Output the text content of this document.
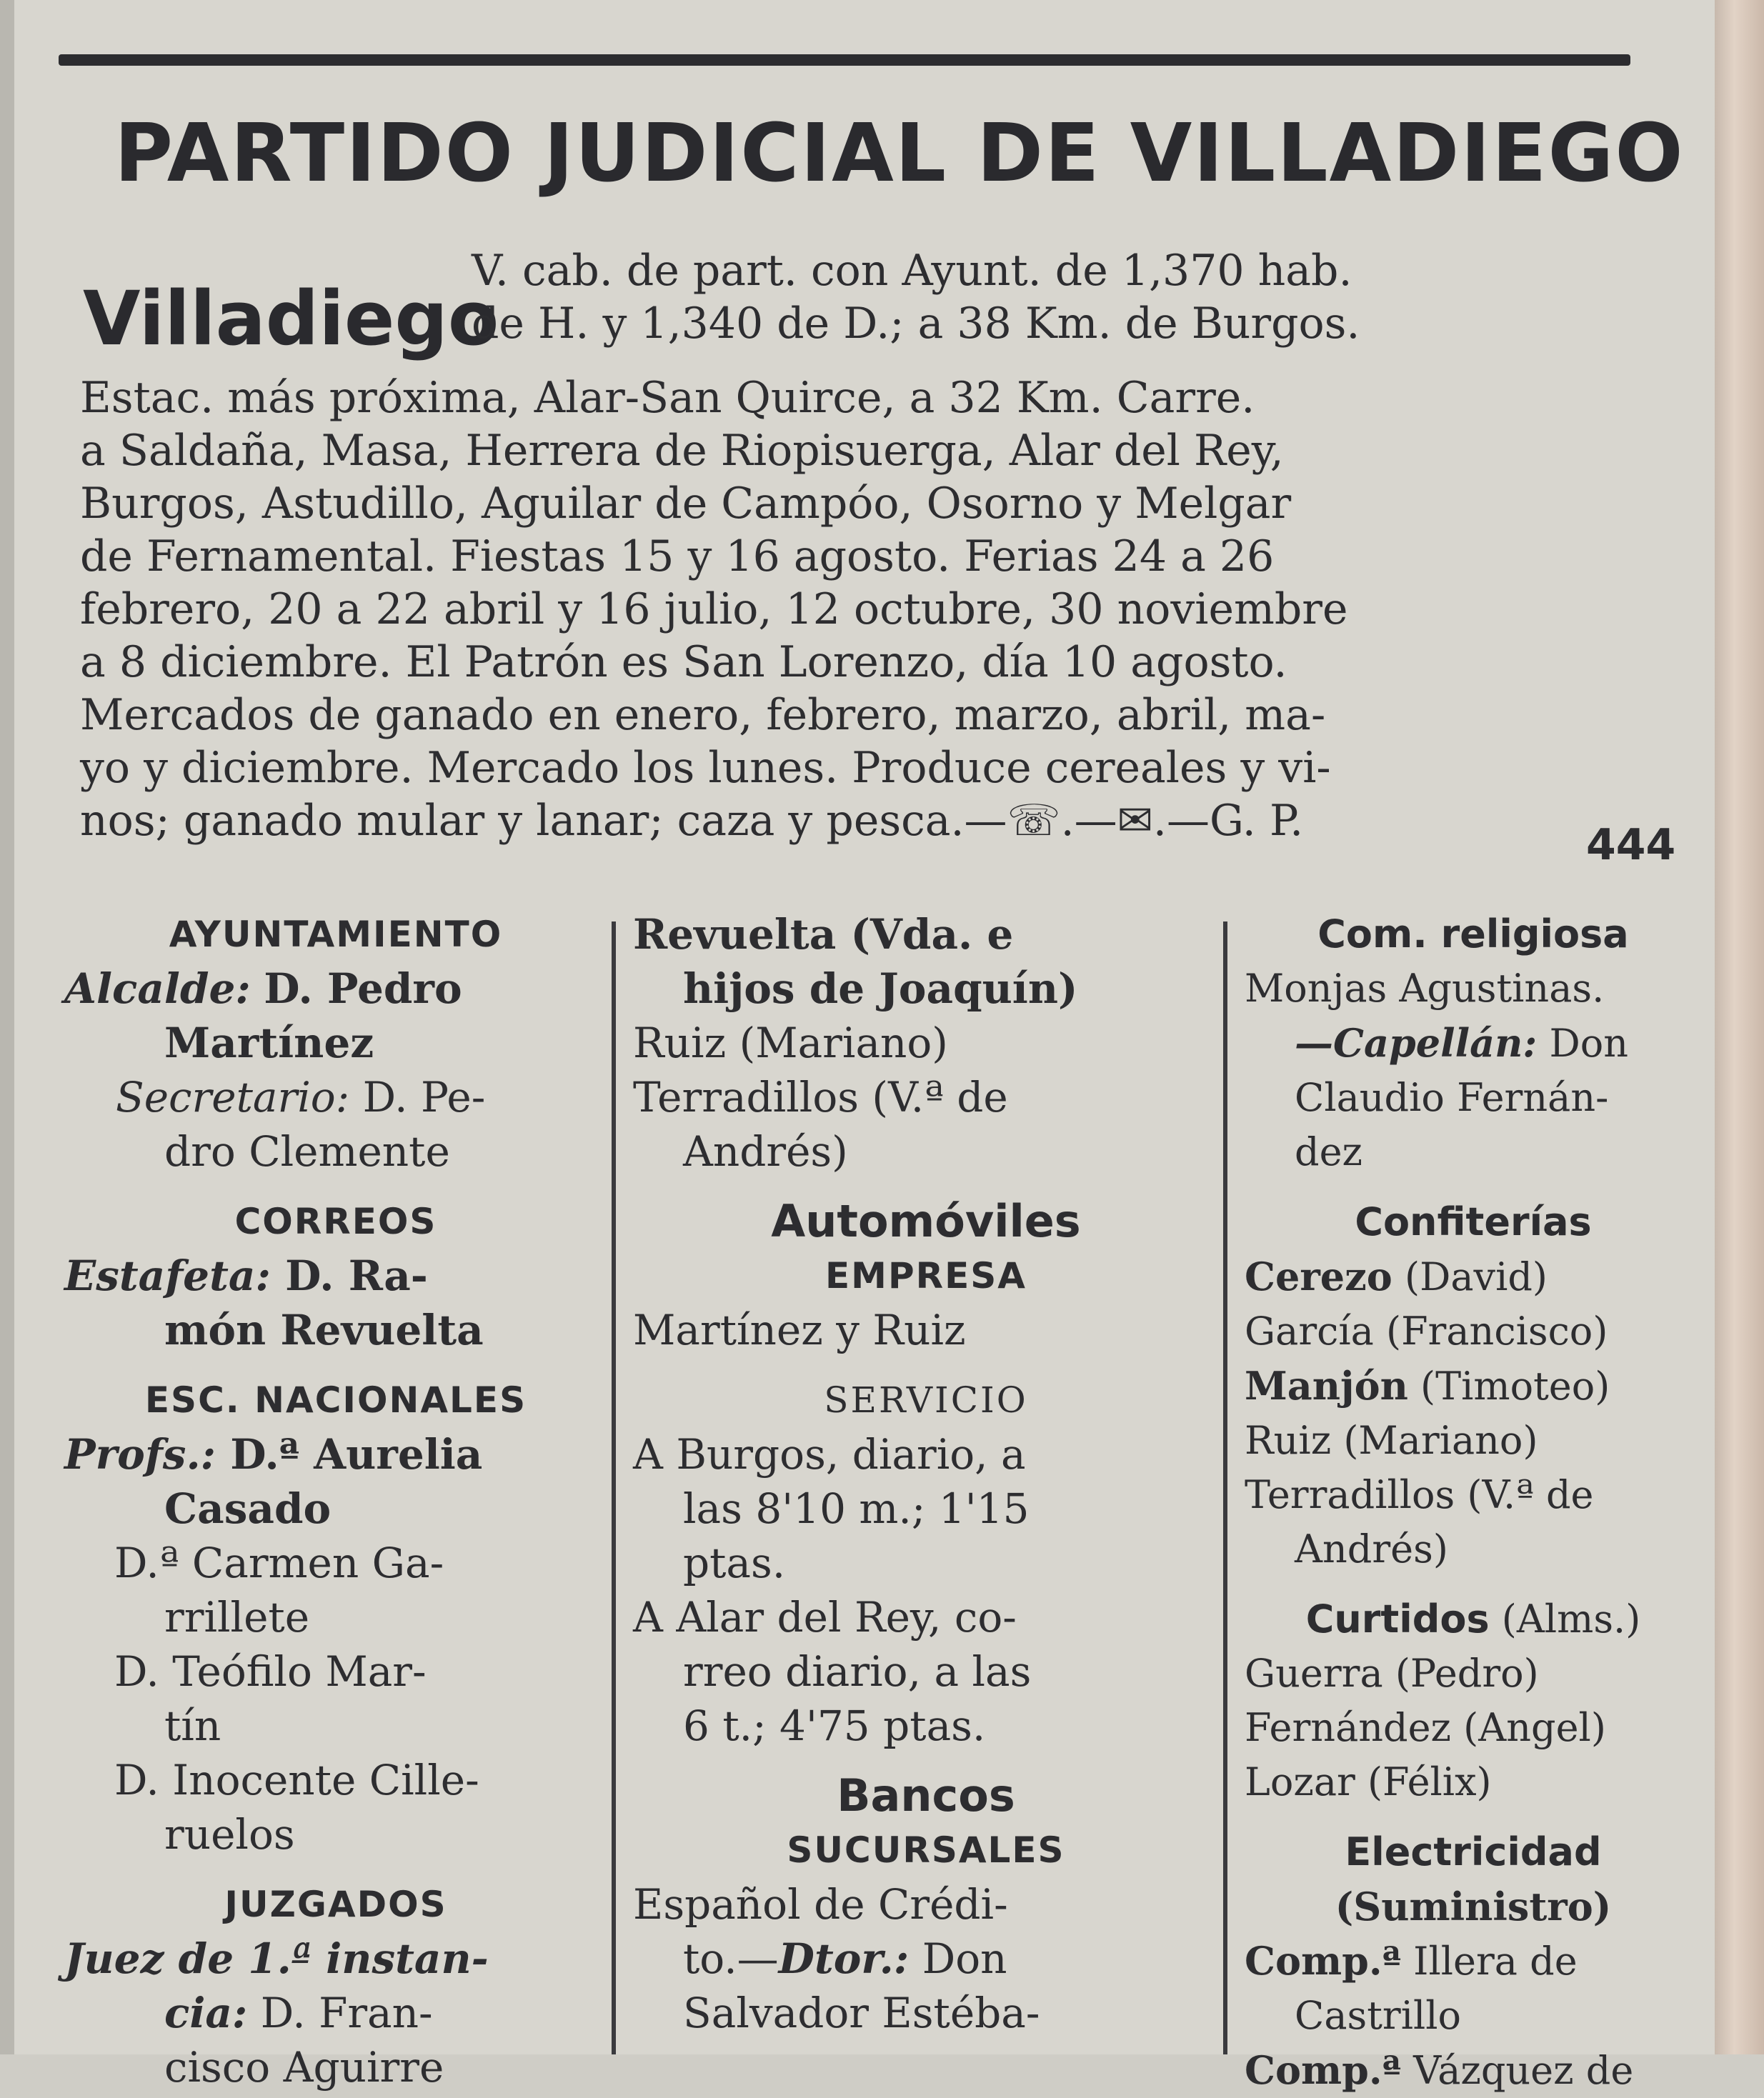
PARTIDO JUDICIAL DE VILLADIEGO
Villadiego
V. cab. de part. con Ayunt. de 1,370 hab.
de H. y 1,340 de D.; a 38 Km. de Burgos.
Estac. más próxima, Alar-San Quirce, a 32 Km. Carre.
a Saldaña, Masa, Herrera de Riopisuerga, Alar del Rey,
Burgos, Astudillo, Aguilar de Campóo, Osorno y Melgar
de Fernamental. Fiestas 15 y 16 agosto. Ferias 24 a 26
febrero, 20 a 22 abril y 16 julio, 12 octubre, 30 noviembre
a 8 diciembre. El Patrón es San Lorenzo, día 10 agosto.
Mercados de ganado en enero, febrero, marzo, abril, ma-
yo y diciembre. Mercado los lunes. Produce cereales y vi-
nos; ganado mular y lanar; caza y pesca.—☏.—✉.—G. P.	444
AYUNTAMIENTO
Alcalde: D. Pedro
Martínez
Secretario: D. Pe-
dro Clemente
CORREOS
Estafeta: D. Ra-
món Revuelta
ESC. NACIONALES
Profs.: D.ª Aurelia
Casado
D.ª Carmen Ga-
rrillete
D. Teófilo Mar-
tín
D. Inocente Cille-
ruelos
JUZGADOS
Juez de 1.ª instan-
cia: D. Fran-
cisco Aguirre
Revuelta (Vda. e
hijos de Joaquín)
Ruiz (Mariano)
Terradillos (V.ª de
Andrés)
Automóviles
EMPRESA
Martínez y Ruiz
SERVICIO
A Burgos, diario, a
las 8'10 m.; 1'15
ptas.
A Alar del Rey, co-
rreo diario, a las
6 t.; 4'75 ptas.
Bancos
SUCURSALES
Español de Crédi-
to.—Dtor.: Don
Salvador Estéba-
Com. religiosa
Monjas Agustinas.
—Capellán: Don
Claudio Fernán-
dez
Confiterías
Cerezo (David)
García (Francisco)
Manjón (Timoteo)
Ruiz (Mariano)
Terradillos (V.ª de
Andrés)
Curtidos (Alms.)
Guerra (Pedro)
Fernández (Angel)
Lozar (Félix)
Electricidad
(Suministro)
Comp.ª Illera de
Castrillo
Comp.ª Vázquez de
